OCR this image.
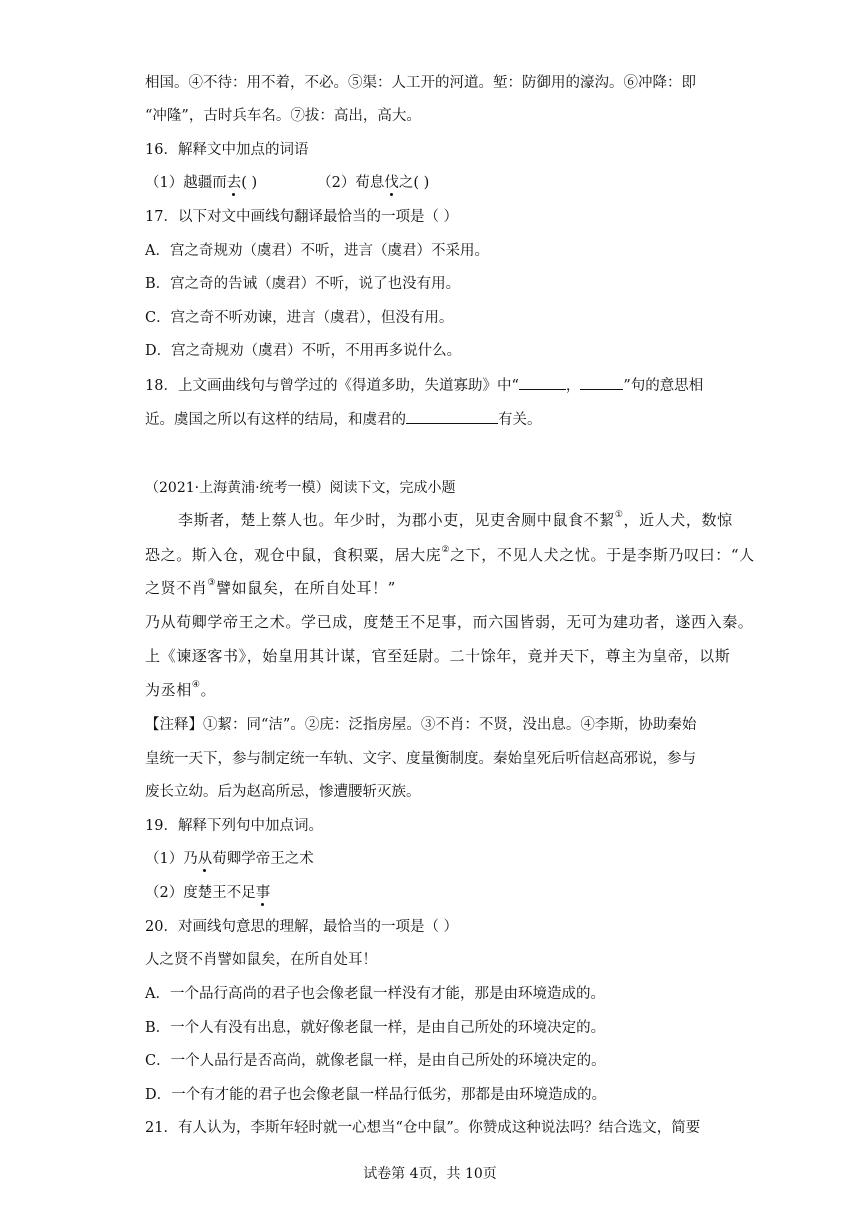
相国。④不待：用不着，不必。⑤渠：人工开的河道。堑：防御用的濠沟。⑥冲降：即
“冲隆”，古时兵车名。⑦拔：高出，高大。
16．解释文中加点的词语
（1）越疆而去( )	（2）荀息伐之( )
17．以下对文中画线句翻译最恰当的一项是（ ）
A．宫之奇规劝（虞君）不听，进言（虞君）不采用。
B．宫之奇的告诫（虞君）不听，说了也没有用。
C．宫之奇不听劝谏，进言（虞君），但没有用。
D．宫之奇规劝（虞君）不听，不用再多说什么。
18．上文画曲线句与曾学过的《得道多助，失道寡助》中“	，	”句的意思相
近。虞国之所以有这样的结局，和虞君的	有关。
（2021·上海黄浦·统考一模）阅读下文，完成小题
李斯者，楚上蔡人也。年少时，为郡小吏，见吏舍厕中鼠食不絜①，近人犬，数惊
恐之。斯入仓，观仓中鼠，食积粟，居大庑②之下，不见人犬之忧。于是李斯乃叹曰：“人
之贤不肖③譬如鼠矣，在所自处耳！”
乃从荀卿学帝王之术。学已成，度楚王不足事，而六国皆弱，无可为建功者，遂西入秦。
上《谏逐客书》，始皇用其计谋，官至廷尉。二十馀年，竟并天下，尊主为皇帝，以斯
为丞相④。
【注释】①絜：同“洁”。②庑：泛指房屋。③不肖：不贤，没出息。④李斯，协助秦始
皇统一天下，参与制定统一车轨、文字、度量衡制度。秦始皇死后听信赵高邪说，参与
废长立幼。后为赵高所忌，惨遭腰斩灭族。
19．解释下列句中加点词。
（1）乃从荀卿学帝王之术
（2）度楚王不足事
20．对画线句意思的理解，最恰当的一项是（ ）
人之贤不肖譬如鼠矣，在所自处耳！
A．一个品行高尚的君子也会像老鼠一样没有才能，那是由环境造成的。
B．一个人有没有出息，就好像老鼠一样，是由自己所处的环境决定的。
C．一个人品行是否高尚，就像老鼠一样，是由自己所处的环境决定的。
D．一个有才能的君子也会像老鼠一样品行低劣，那都是由环境造成的。
21．有人认为，李斯年轻时就一心想当“仓中鼠”。你赞成这种说法吗？结合选文，简要
试卷第 4页，共 10页
